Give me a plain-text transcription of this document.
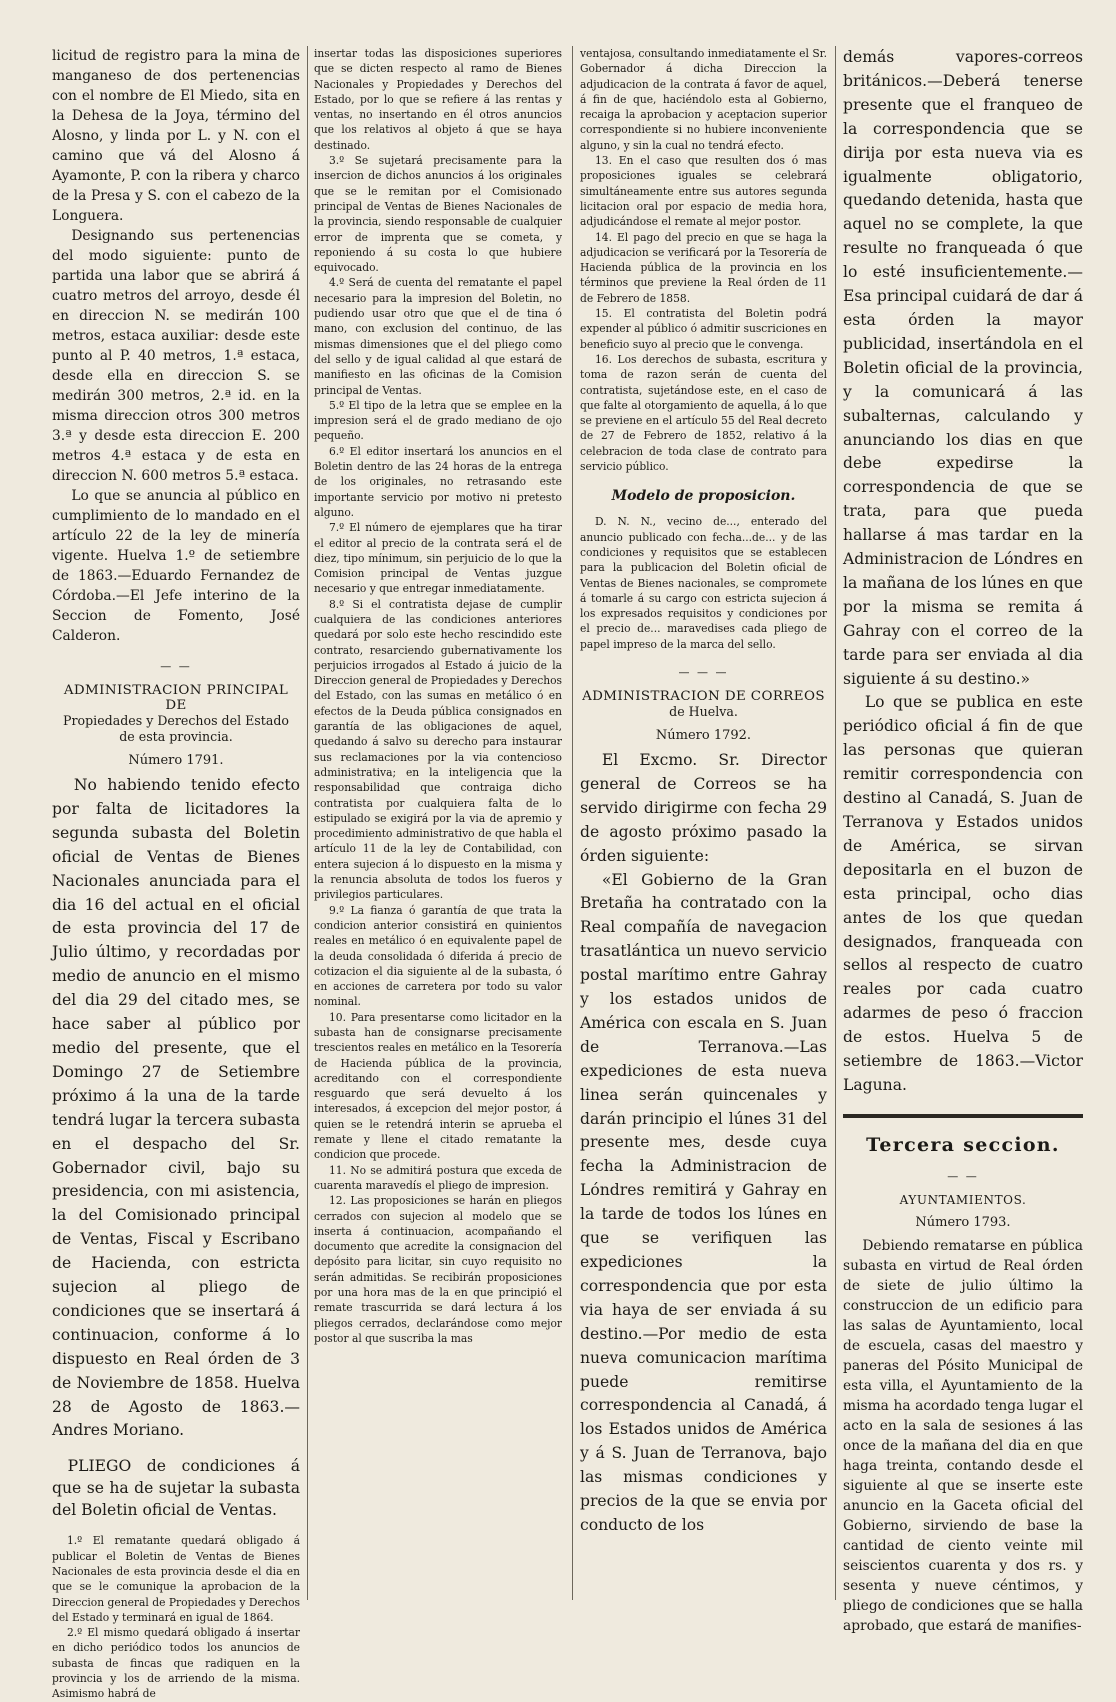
licitud de registro para la mina de manganeso de dos pertenencias con el nombre de El Miedo, sita en la Dehesa de la Joya, término del Alosno, y linda por L. y N. con el camino que vá del Alosno á Ayamonte, P. con la ribera y charco de la Presa y S. con el cabezo de la Longuera.

Designando sus pertenencias del modo siguiente: punto de partida una labor que se abrirá á cuatro metros del arroyo, desde él en direccion N. se medirán 100 metros, estaca auxiliar: desde este punto al P. 40 metros, 1.ª estaca, desde ella en direccion S. se medirán 300 metros, 2.ª id. en la misma direccion otros 300 metros 3.ª y desde esta direccion E. 200 metros 4.ª estaca y de esta en direccion N. 600 metros 5.ª estaca.

Lo que se anuncia al público en cumplimiento de lo mandado en el artículo 22 de la ley de minería vigente. Huelva 1.º de setiembre de 1863.—Eduardo Fernandez de Córdoba.—El Jefe interino de la Seccion de Fomento, José Calderon.

— —
ADMINISTRACION PRINCIPAL DE
Propiedades y Derechos del Estado
de esta provincia.
Número 1791.

No habiendo tenido efecto por falta de licitadores la segunda subasta del Boletin oficial de Ventas de Bienes Nacionales anunciada para el dia 16 del actual en el oficial de esta provincia del 17 de Julio último, y recordadas por medio de anuncio en el mismo del dia 29 del citado mes, se hace saber al público por medio del presente, que el Domingo 27 de Setiembre próximo á la una de la tarde tendrá lugar la tercera subasta en el despacho del Sr. Gobernador civil, bajo su presidencia, con mi asistencia, la del Comisionado principal de Ventas, Fiscal y Escribano de Hacienda, con estricta sujecion al pliego de condiciones que se insertará á continuacion, conforme á lo dispuesto en Real órden de 3 de Noviembre de 1858. Huelva 28 de Agosto de 1863.—Andres Moriano.

PLIEGO de condiciones á que se ha de sujetar la subasta del Boletin oficial de Ventas.

1.º El rematante quedará obligado á publicar el Boletin de Ventas de Bienes Nacionales de esta provincia desde el dia en que se le comunique la aprobacion de la Direccion general de Propiedades y Derechos del Estado y terminará en igual de 1864.

2.º El mismo quedará obligado á insertar en dicho periódico todos los anuncios de subasta de fincas que radiquen en la provincia y los de arriendo de la misma. Asimismo habrá de

insertar todas las disposiciones superiores que se dicten respecto al ramo de Bienes Nacionales y Propiedades y Derechos del Estado, por lo que se refiere á las rentas y ventas, no insertando en él otros anuncios que los relativos al objeto á que se haya destinado.

3.º Se sujetará precisamente para la insercion de dichos anuncios á los originales que se le remitan por el Comisionado principal de Ventas de Bienes Nacionales de la provincia, siendo responsable de cualquier error de imprenta que se cometa, y reponiendo á su costa lo que hubiere equivocado.

4.º Será de cuenta del rematante el papel necesario para la impresion del Boletin, no pudiendo usar otro que que el de tina ó mano, con exclusion del continuo, de las mismas dimensiones que el del pliego como del sello y de igual calidad al que estará de manifiesto en las oficinas de la Comision principal de Ventas.

5.º El tipo de la letra que se emplee en la impresion será el de grado mediano de ojo pequeño.

6.º El editor insertará los anuncios en el Boletin dentro de las 24 horas de la entrega de los originales, no retrasando este importante servicio por motivo ni pretesto alguno.

7.º El número de ejemplares que ha tirar el editor al precio de la contrata será el de diez, tipo mínimum, sin perjuicio de lo que la Comision principal de Ventas juzgue necesario y que entregar inmediatamente.

8.º Si el contratista dejase de cumplir cualquiera de las condiciones anteriores quedará por solo este hecho rescindido este contrato, resarciendo gubernativamente los perjuicios irrogados al Estado á juicio de la Direccion general de Propiedades y Derechos del Estado, con las sumas en metálico ó en efectos de la Deuda pública consignados en garantía de las obligaciones de aquel, quedando á salvo su derecho para instaurar sus reclamaciones por la via contencioso administrativa; en la inteligencia que la responsabilidad que contraiga dicho contratista por cualquiera falta de lo estipulado se exigirá por la via de apremio y procedimiento administrativo de que habla el artículo 11 de la ley de Contabilidad, con entera sujecion á lo dispuesto en la misma y la renuncia absoluta de todos los fueros y privilegios particulares.

9.º La fianza ó garantía de que trata la condicion anterior consistirá en quinientos reales en metálico ó en equivalente papel de la deuda consolidada ó diferida á precio de cotizacion el dia siguiente al de la subasta, ó en acciones de carretera por todo su valor nominal.

10. Para presentarse como licitador en la subasta han de consignarse precisamente trescientos reales en metálico en la Tesorería de Hacienda pública de la provincia, acreditando con el correspondiente resguardo que será devuelto á los interesados, á excepcion del mejor postor, á quien se le retendrá interin se aprueba el remate y llene el citado rematante la condicion que procede.

11. No se admitirá postura que exceda de cuarenta maravedís el pliego de impresion.

12. Las proposiciones se harán en pliegos cerrados con sujecion al modelo que se inserta á continuacion, acompañando el documento que acredite la consignacion del depósito para licitar, sin cuyo requisito no serán admitidas. Se recibirán proposiciones por una hora mas de la en que principió el remate trascurrida se dará lectura á los pliegos cerrados, declarándose como mejor postor al que suscriba la mas

ventajosa, consultando inmediatamente el Sr. Gobernador á dicha Direccion la adjudicacion de la contrata á favor de aquel, á fin de que, haciéndolo esta al Gobierno, recaiga la aprobacion y aceptacion superior correspondiente si no hubiere inconveniente alguno, y sin la cual no tendrá efecto.

13. En el caso que resulten dos ó mas proposiciones iguales se celebrará simultáneamente entre sus autores segunda licitacion oral por espacio de media hora, adjudicándose el remate al mejor postor.

14. El pago del precio en que se haga la adjudicacion se verificará por la Tesorería de Hacienda pública de la provincia en los términos que previene la Real órden de 11 de Febrero de 1858.

15. El contratista del Boletin podrá expender al público ó admitir suscriciones en beneficio suyo al precio que le convenga.

16. Los derechos de subasta, escritura y toma de razon serán de cuenta del contratista, sujetándose este, en el caso de que falte al otorgamiento de aquella, á lo que se previene en el artículo 55 del Real decreto de 27 de Febrero de 1852, relativo á la celebracion de toda clase de contrato para servicio público.

Modelo de proposicion.

D. N. N., vecino de..., enterado del anuncio publicado con fecha...de... y de las condiciones y requisitos que se establecen para la publicacion del Boletin oficial de Ventas de Bienes nacionales, se compromete á tomarle á su cargo con estricta sujecion á los expresados requisitos y condiciones por el precio de... maravedises cada pliego de papel impreso de la marca del sello.

— — —
ADMINISTRACION DE CORREOS
de Huelva.
Número 1792.

El Excmo. Sr. Director general de Correos se ha servido dirigirme con fecha 29 de agosto próximo pasado la órden siguiente:

«El Gobierno de la Gran Bretaña ha contratado con la Real compañía de navegacion trasatlántica un nuevo servicio postal marítimo entre Gahray y los estados unidos de América con escala en S. Juan de Terranova.—Las expediciones de esta nueva linea serán quincenales y darán principio el lúnes 31 del presente mes, desde cuya fecha la Administracion de Lóndres remitirá y Gahray en la tarde de todos los lúnes en que se verifiquen las expediciones la correspondencia que por esta via haya de ser enviada á su destino.—Por medio de esta nueva comunicacion marítima puede remitirse correspondencia al Canadá, á los Estados unidos de América y á S. Juan de Terranova, bajo las mismas condiciones y precios de la que se envia por conducto de los

demás vapores-correos británicos.—Deberá tenerse presente que el franqueo de la correspondencia que se dirija por esta nueva via es igualmente obligatorio, quedando detenida, hasta que aquel no se complete, la que resulte no franqueada ó que lo esté insuficientemente.—Esa principal cuidará de dar á esta órden la mayor publicidad, insertándola en el Boletin oficial de la provincia, y la comunicará á las subalternas, calculando y anunciando los dias en que debe expedirse la correspondencia de que se trata, para que pueda hallarse á mas tardar en la Administracion de Lóndres en la mañana de los lúnes en que por la misma se remita á Gahray con el correo de la tarde para ser enviada al dia siguiente á su destino.»

Lo que se publica en este periódico oficial á fin de que las personas que quieran remitir correspondencia con destino al Canadá, S. Juan de Terranova y Estados unidos de América, se sirvan depositarla en el buzon de esta principal, ocho dias antes de los que quedan designados, franqueada con sellos al respecto de cuatro reales por cada cuatro adarmes de peso ó fraccion de estos. Huelva 5 de setiembre de 1863.—Victor Laguna.

Tercera seccion.
— —
AYUNTAMIENTOS.
Número 1793.

Debiendo rematarse en pública subasta en virtud de Real órden de siete de julio último la construccion de un edificio para las salas de Ayuntamiento, local de escuela, casas del maestro y paneras del Pósito Municipal de esta villa, el Ayuntamiento de la misma ha acordado tenga lugar el acto en la sala de sesiones á las once de la mañana del dia en que haga treinta, contando desde el siguiente al que se inserte este anuncio en la Gaceta oficial del Gobierno, sirviendo de base la cantidad de ciento veinte mil seiscientos cuarenta y dos rs. y sesenta y nueve céntimos, y pliego de condiciones que se halla aprobado, que estará de manifies-
